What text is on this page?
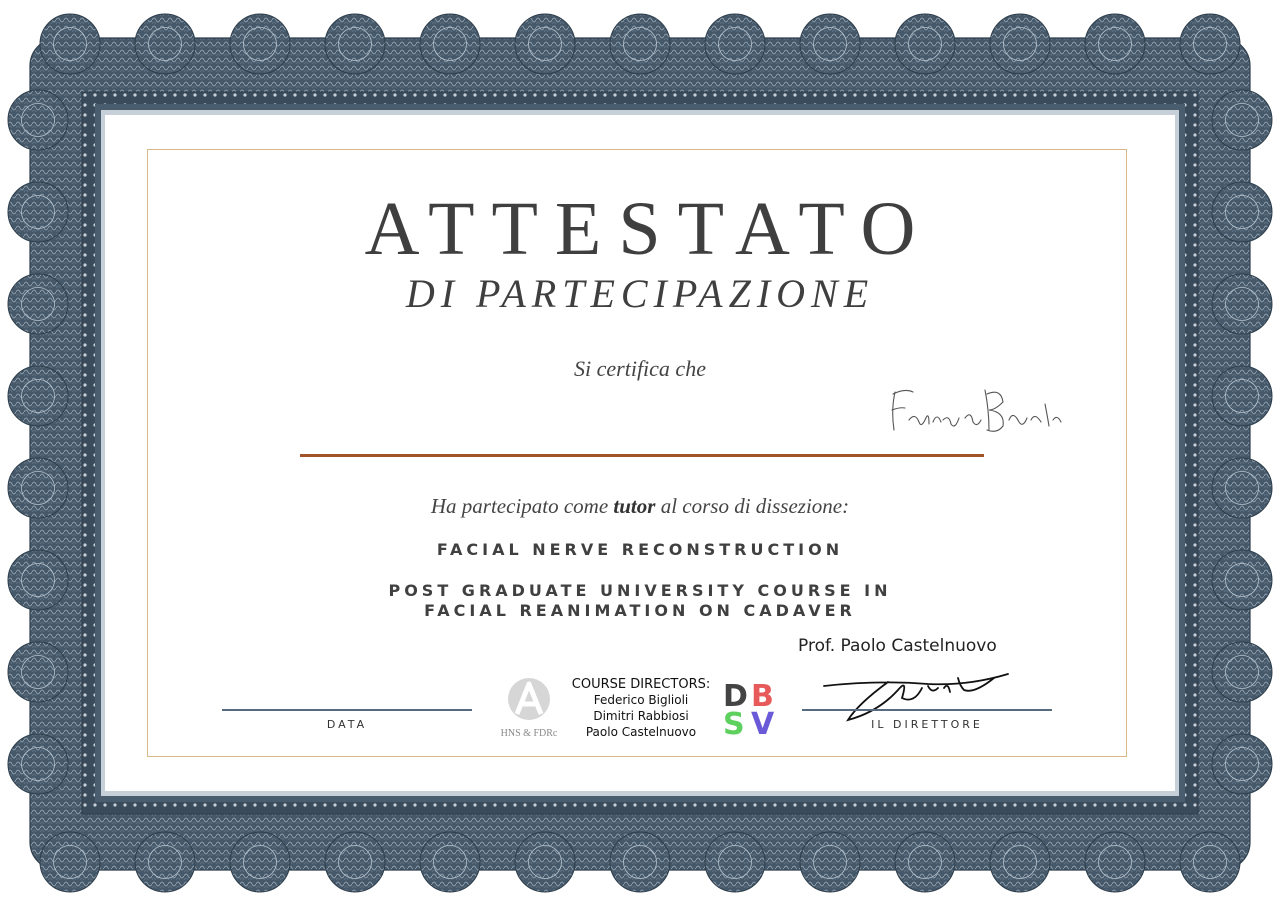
ATTESTATO
DI PARTECIPAZIONE
Si certifica che
Ha partecipato come tutor al corso di dissezione:
FACIAL NERVE RECONSTRUCTION
POST GRADUATE UNIVERSITY COURSE IN
FACIAL REANIMATION ON CADAVER
Prof. Paolo Castelnuovo
DATA	IL DIRETTORE
HNS & FDRc
COURSE DIRECTORS:
Federico Biglioli
Dimitri Rabbiosi
Paolo Castelnuovo
D B
S V
